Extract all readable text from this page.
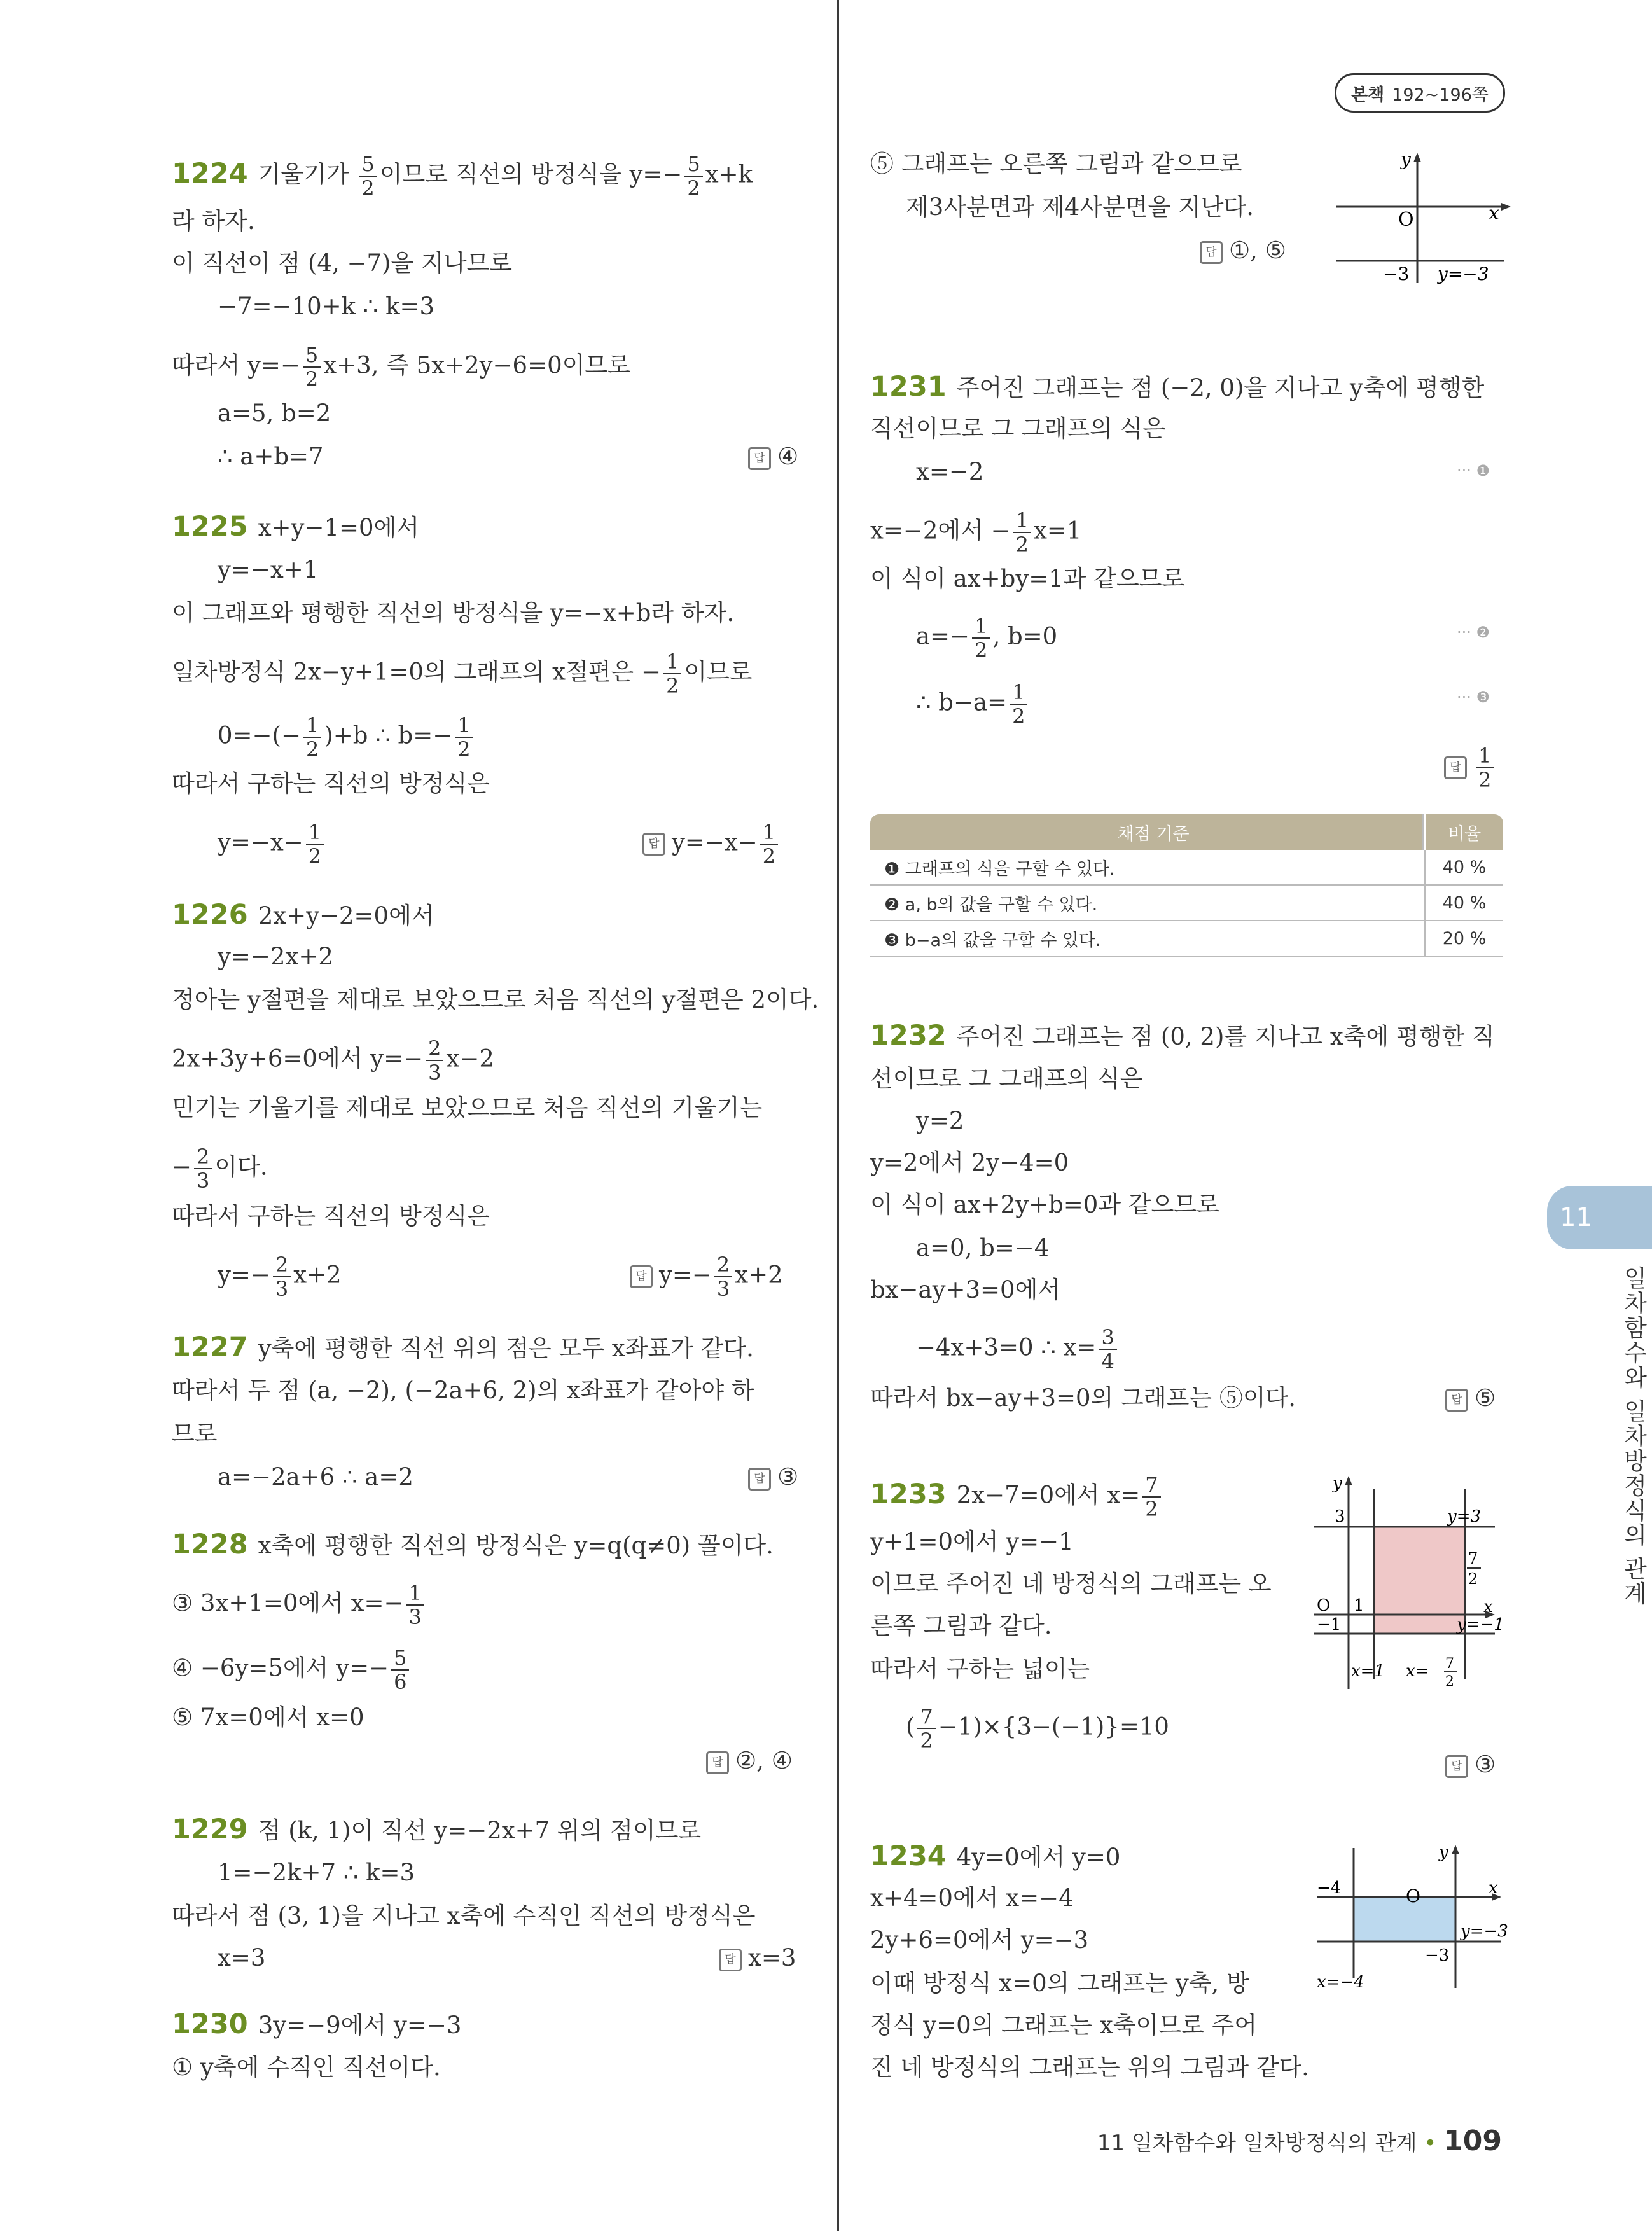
본책 192~196쪽
1224 기울기가 $\frac{5}{2}$ 이므로 직선의 방정식을 $y=- \frac{5}{2} x+k$
라 하자.
이 직선이 점 (4, −7)을 지나므로
−7=−10+k ∴ k=3
따라서 $y=- \frac{5}{2} x+3$, 즉 5x+2y−6=0이므로
a=5, b=2
∴ a+b=7	답 ④
1225 x+y−1=0에서
y=−x+1
이 그래프와 평행한 직선의 방정식을 y=−x+b라 하자.
일차방정식 2x−y+1=0의 그래프의 x절편은 − $\frac{1}{2}$ 이므로
$0=-(- \frac{1}{2} )+b$ ∴ $b=- \frac{1}{2}$
따라서 구하는 직선의 방정식은
$y=-x- \frac{1}{2}$	답 $y=-x- \frac{1}{2}$
1226 2x+y−2=0에서
y=−2x+2
정아는 y절편을 제대로 보았으므로 처음 직선의 y절편은 2이다.
2x+3y+6=0에서 $y=- \frac{2}{3} x-2$
민기는 기울기를 제대로 보았으므로 처음 직선의 기울기는
− $\frac{2}{3}$ 이다.
따라서 구하는 직선의 방정식은
$y=- \frac{2}{3} x+2$	답 $y=- \frac{2}{3} x+2$
1227 y축에 평행한 직선 위의 점은 모두 x좌표가 같다.
따라서 두 점 (a, −2), (−2a+6, 2)의 x좌표가 같아야 하
므로
a=−2a+6 ∴ a=2	답 ③
1228 x축에 평행한 직선의 방정식은 y=q(q≠0) 꼴이다.
③ 3x+1=0에서 $x=- \frac{1}{3}$
④ −6y=5에서 $y=- \frac{5}{6}$
⑤ 7x=0에서 x=0
답 ②, ④
1229 점 (k, 1)이 직선 y=−2x+7 위의 점이므로
1=−2k+7 ∴ k=3
따라서 점 (3, 1)을 지나고 x축에 수직인 직선의 방정식은
x=3	답 x=3
1230 3y=−9에서 y=−3
① y축에 수직인 직선이다.
⑤ 그래프는 오른쪽 그림과 같으므로
제3사분면과 제4사분면을 지난다.
답 ①, ⑤
y
x
O
−3 y=−3
1231 주어진 그래프는 점 (−2, 0)을 지나고 y축에 평행한
직선이므로 그 그래프의 식은
x=−2	··· ❶
x=−2에서 − $\frac{1}{2} x=1$
이 식이 ax+by=1과 같으므로
$a=- \frac{1}{2}$ , b=0	··· ❷
∴ $b-a= \frac{1}{2}$	··· ❸
답 $\frac{1}{2}$
채점 기준	비율
❶ 그래프의 식을 구할 수 있다.	40 %
❷ a, b의 값을 구할 수 있다.	40 %
❸ b−a의 값을 구할 수 있다.	20 %
1232 주어진 그래프는 점 (0, 2)를 지나고 x축에 평행한 직
선이므로 그 그래프의 식은
y=2
y=2에서 2y−4=0
이 식이 ax+2y+b=0과 같으므로
a=0, b=−4
bx−ay+3=0에서
−4x+3=0 ∴ $x= \frac{3}{4}$
따라서 bx−ay+3=0의 그래프는 ⑤이다.	답 ⑤
1233 2x−7=0에서 $x= \frac{7}{2}$
y+1=0에서 y=−1
이므로 주어진 네 방정식의 그래프는 오
른쪽 그림과 같다.
따라서 구하는 넓이는
( $\frac{7}{2} -1)\times\{3-(-1)\}=10$
답 ③
y
3	y=3
7
2
x
O 1
−1	y=−1
x=1 x= 7
2
1234 4y=0에서 y=0
x+4=0에서 x=−4
2y+6=0에서 y=−3
이때 방정식 x=0의 그래프는 y축, 방
정식 y=0의 그래프는 x축이므로 주어
진 네 방정식의 그래프는 위의 그림과 같다.
y
−4	O	x
y=−3
−3
x=−4
11
일차함수와 일차방정식의 관계
11 일차함수와 일차방정식의 관계 • 109
